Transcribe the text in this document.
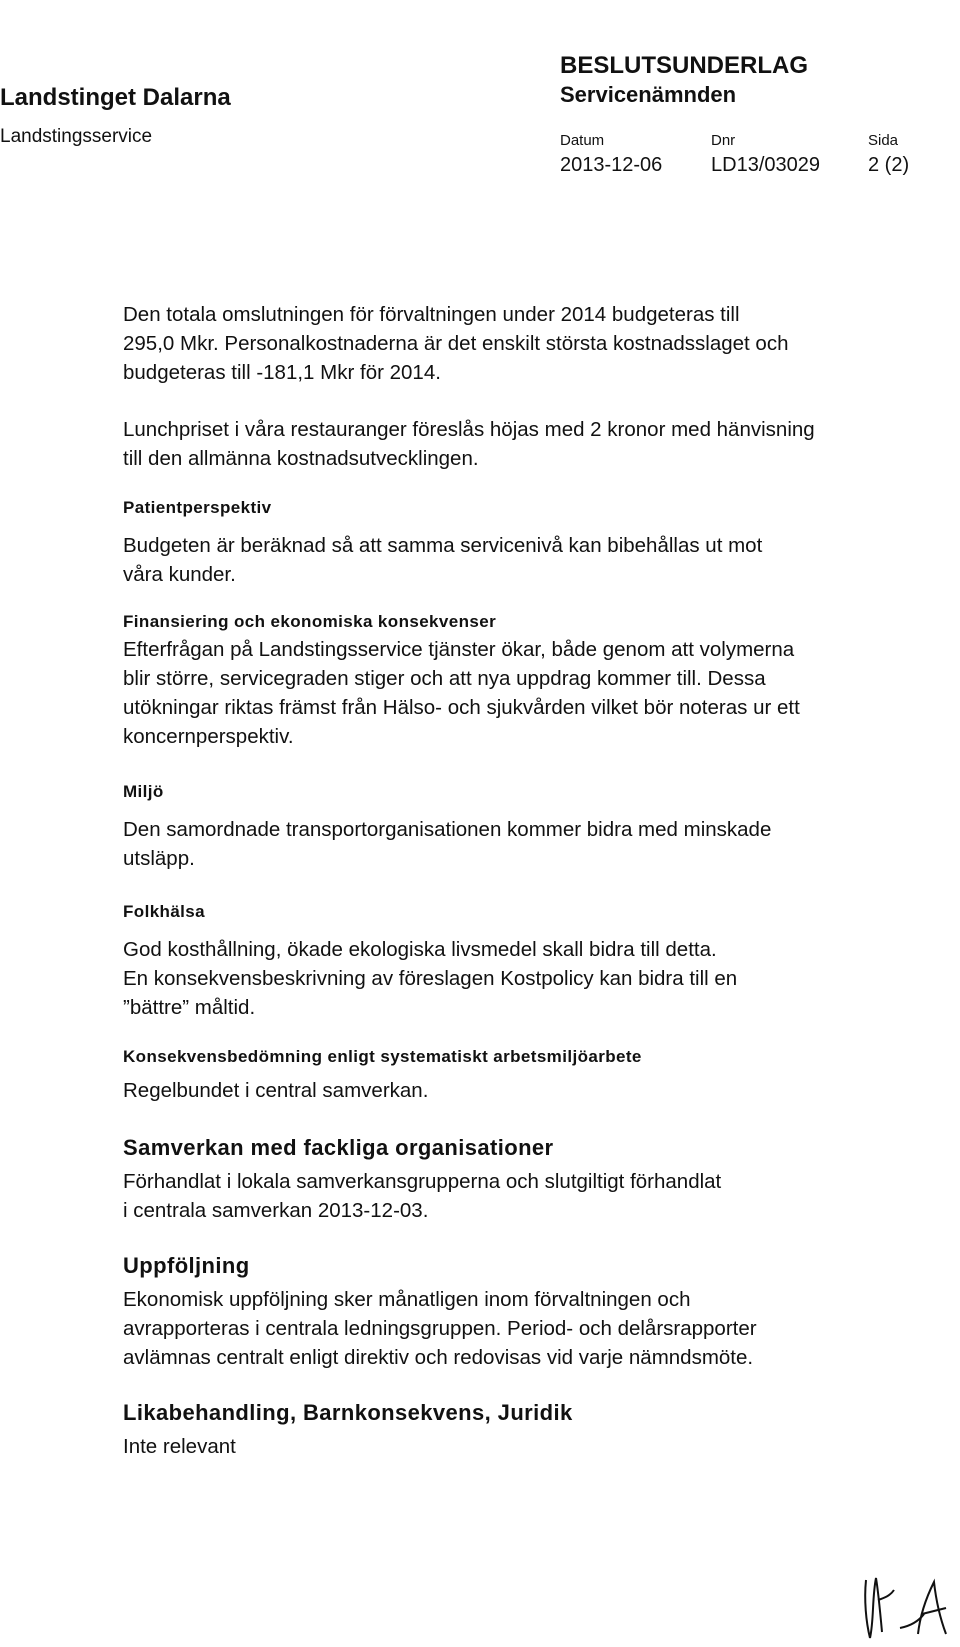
Landstinget Dalarna
Landstingsservice
BESLUTSUNDERLAG
Servicenämnden
Datum	Dnr	Sida
2013-12-06 LD13/03029 2 (2)

Den totala omslutningen för förvaltningen under 2014 budgeteras till

295,0 Mkr. Personalkostnaderna är det enskilt största kostnadsslaget och

budgeteras till -181,1 Mkr för 2014.

Lunchpriset i våra restauranger föreslås höjas med 2 kronor med hänvisning

till den allmänna kostnadsutvecklingen.

Patientperspektiv

Budgeten är beräknad så att samma servicenivå kan bibehållas ut mot

våra kunder.

Finansiering och ekonomiska konsekvenser

Efterfrågan på Landstingsservice tjänster ökar, både genom att volymerna

blir större, servicegraden stiger och att nya uppdrag kommer till. Dessa

utökningar riktas främst från Hälso- och sjukvården vilket bör noteras ur ett

koncernperspektiv.

Miljö

Den samordnade transportorganisationen kommer bidra med minskade

utsläpp.

Folkhälsa

God kosthållning, ökade ekologiska livsmedel skall bidra till detta.

En konsekvensbeskrivning av föreslagen Kostpolicy kan bidra till en

”bättre” måltid.

Konsekvensbedömning enligt systematiskt arbetsmiljöarbete

Regelbundet i central samverkan.

Samverkan med fackliga organisationer

Förhandlat i lokala samverkansgrupperna och slutgiltigt förhandlat

i centrala samverkan 2013-12-03.

Uppföljning

Ekonomisk uppföljning sker månatligen inom förvaltningen och

avrapporteras i centrala ledningsgruppen. Period- och delårsrapporter

avlämnas centralt enligt direktiv och redovisas vid varje nämndsmöte.

Likabehandling, Barnkonsekvens, Juridik

Inte relevant
